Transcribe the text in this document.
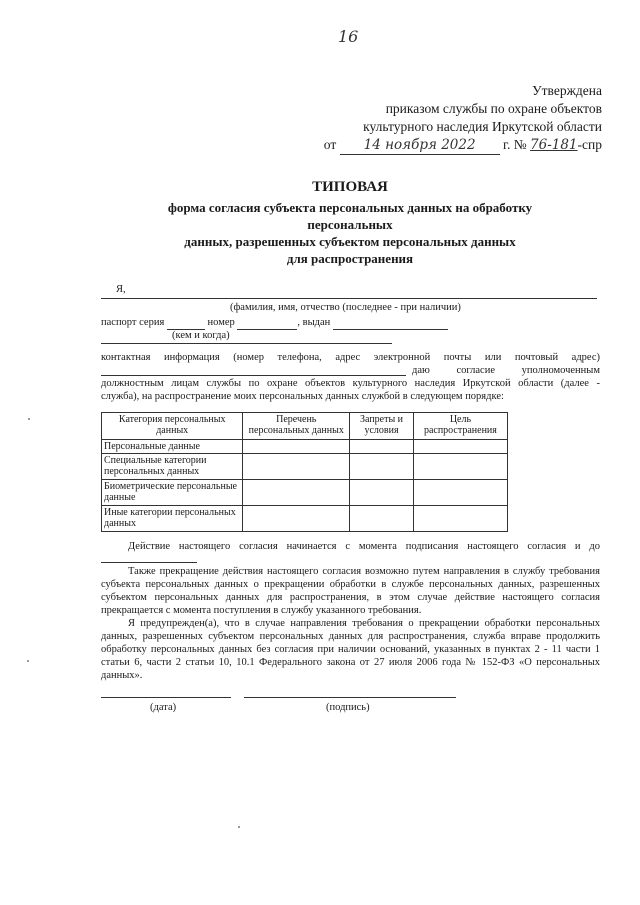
16
Утверждена
приказом службы по охране объектов
культурного наследия Иркутской области
от 14 ноября 2022 г. № 76-181-спр
ТИПОВАЯ
форма согласия субъекта персональных данных на обработку
персональных
данных, разрешенных субъектом персональных данных
для распространения
Я,
(фамилия, имя, отчество (последнее - при наличии)
паспорт серия	номер	, выдан
(кем и когда)
контактная информация (номер телефона, адрес электронной почты или почтовый адрес)
даю согласие уполномоченным
должностным лицам службы по охране объектов культурного наследия Иркутской области (далее -
служба), на распространение моих персональных данных службой в следующем порядке:
Категория персональных данных	Перечень персональных данных	Запреты и условия	Цель распространения
Персональные данные			
Специальные категории персональных данных			
Биометрические персональные данные			
Иные категории персональных данных			
Действие настоящего согласия начинается с момента подписания настоящего согласия и до
Также прекращение действия настоящего согласия возможно путем направления в службу требования субъекта персональных данных о прекращении обработки в службе персональных данных, разрешенных субъектом персональных данных для распространения, в этом случае действие настоящего согласия прекращается с момента поступления в службу указанного требования.
Я предупрежден(а), что в случае направления требования о прекращении обработки персональных данных, разрешенных субъектом персональных данных для распространения, служба вправе продолжить обработку персональных данных без согласия при наличии оснований, указанных в пунктах 2 - 11 части 1 статьи 6, части 2 статьи 10, 10.1 Федерального закона от 27 июля 2006 года № 152-ФЗ «О персональных данных».
(дата)	(подпись)
